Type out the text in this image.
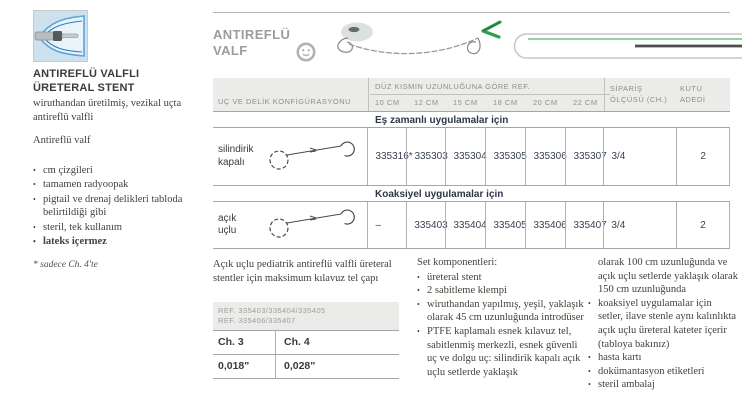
ANTIREFLÜ VALFLI
ÜRETERAL STENT
wiruthandan üretilmiş, vezikal uçta antireflü valfli
Antireflü valf
• cm çizgileri
• tamamen radyoopak
• pigtail ve drenaj delikleri tabloda belirtildiği gibi
• steril, tek kullanım
• lateks içermez
* sadece Ch. 4'te
ANTIREFLÜ
VALF
UÇ VE DELİK KONFİGÜRASYONU
DÜZ KISMIN UZUNLUĞUNA GÖRE REF.
10 CM	12 CM	15 CM	18 CM	20 CM	22 CM
SİPARİŞ
ÖLÇÜSÜ (CH.)
KUTU
ADEDİ
Eş zamanlı uygulamalar için
silindirik
kapalı	335316* 335303 335304 335305 335306 335307 3/4	2
Koaksiyel uygulamalar için
açık
uçlu	–	335403 335404 335405 335406 335407 3/4	2
Açık uçlu pediatrik antireflü valfli üreteral stentler için maksimum kılavuz tel çapı
REF. 335403/335404/335405
REF. 335406/335407
Ch. 3	Ch. 4
0,018"	0,028"

Set komponentleri:

• üreteral stent
• 2 sabitleme klempi
• wiruthandan yapılmış, yeşil, yaklaşık olarak 45 cm uzunluğunda introdüser
• PTFE kaplamalı esnek kılavuz tel, sabitlenmiş merkezli, esnek güvenli uç ve dolgu uç: silindirik kapalı açık uçlu setlerde yaklaşık

olarak 100 cm uzunluğunda ve açık uçlu setlerde yaklaşık olarak 150 cm uzunluğunda

• koaksiyel uygulamalar için setler, ilave stenle aynı kalınlıkta açık uçlu üreteral kateter içerir (tabloya bakınız)
• hasta kartı
• dokümantasyon etiketleri
• steril ambalaj
